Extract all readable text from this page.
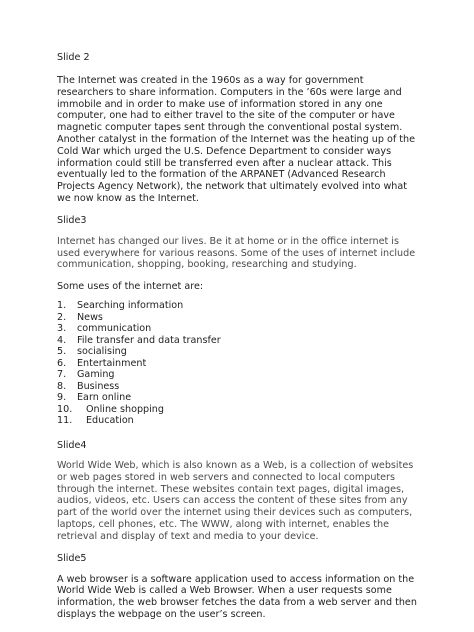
Slide 2
The Internet was created in the 1960s as a way for government
researchers to share information. Computers in the ’60s were large and
immobile and in order to make use of information stored in any one
computer, one had to either travel to the site of the computer or have
magnetic computer tapes sent through the conventional postal system.
Another catalyst in the formation of the Internet was the heating up of the
Cold War which urged the U.S. Defence Department to consider ways
information could still be transferred even after a nuclear attack. This
eventually led to the formation of the ARPANET (Advanced Research
Projects Agency Network), the network that ultimately evolved into what
we now know as the Internet.
Slide3
Internet has changed our lives. Be it at home or in the office internet is
used everywhere for various reasons. Some of the uses of internet include
communication, shopping, booking, researching and studying.
Some uses of the internet are:
1. Searching information
2. News
3. communication
4. File transfer and data transfer
5. socialising
6. Entertainment
7. Gaming
8. Business
9. Earn online
10. Online shopping
11. Education
Slide4
World Wide Web, which is also known as a Web, is a collection of websites
or web pages stored in web servers and connected to local computers
through the internet. These websites contain text pages, digital images,
audios, videos, etc. Users can access the content of these sites from any
part of the world over the internet using their devices such as computers,
laptops, cell phones, etc. The WWW, along with internet, enables the
retrieval and display of text and media to your device.
Slide5
A web browser is a software application used to access information on the
World Wide Web is called a Web Browser. When a user requests some
information, the web browser fetches the data from a web server and then
displays the webpage on the user’s screen.
